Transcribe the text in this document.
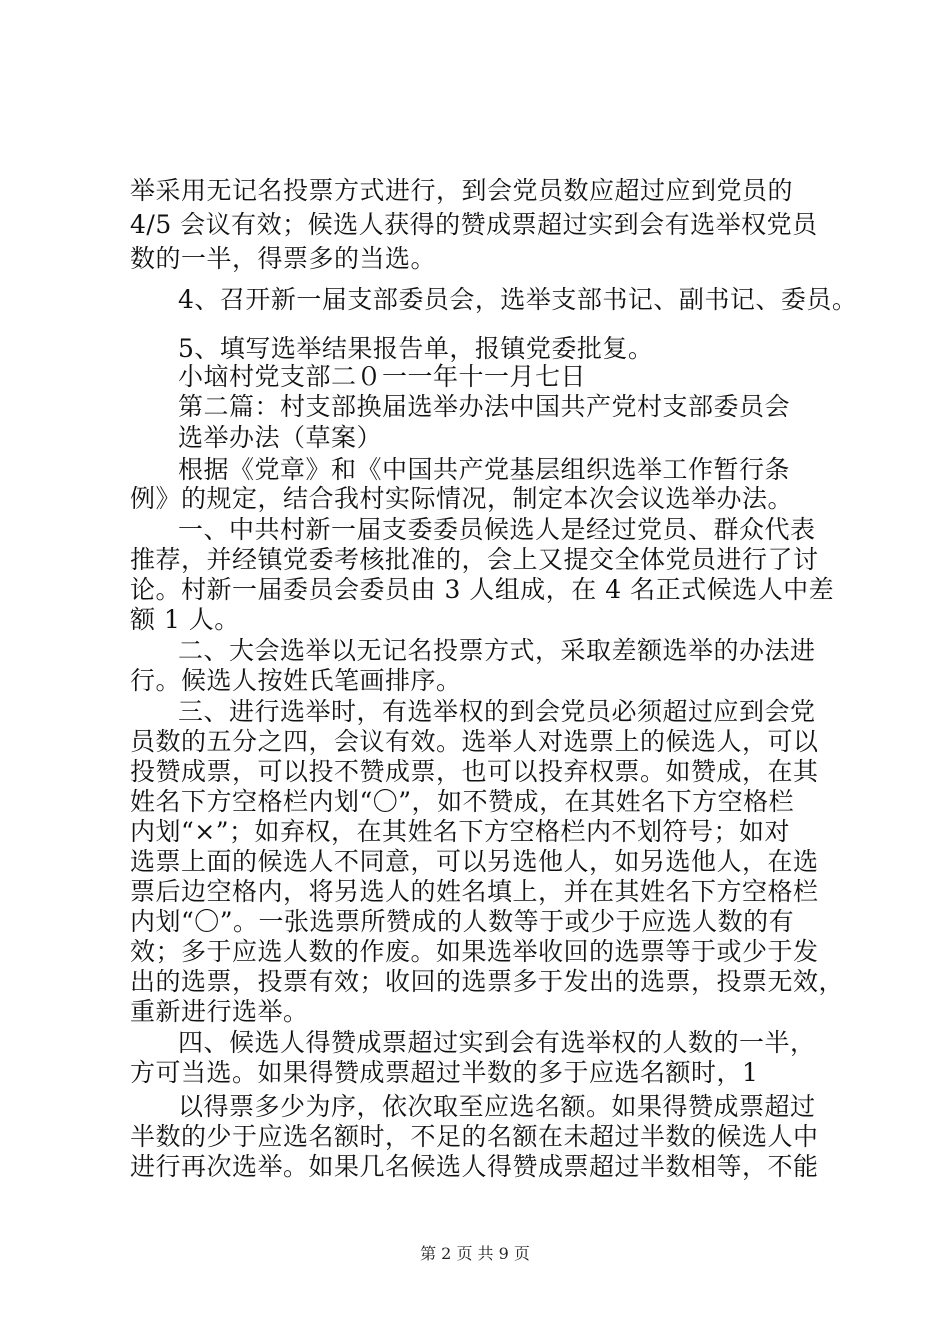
举采用无记名投票方式进行，到会党员数应超过应到党员的
4/5 会议有效；候选人获得的赞成票超过实到会有选举权党员
数的一半，得票多的当选。
4、召开新一届支部委员会，选举支部书记、副书记、委员。
5、填写选举结果报告单，报镇党委批复。
小垴村党支部二０一一年十一月七日
第二篇：村支部换届选举办法中国共产党村支部委员会
选举办法（草案）
根据《党章》和《中国共产党基层组织选举工作暂行条
例》的规定，结合我村实际情况，制定本次会议选举办法。
一、中共村新一届支委委员候选人是经过党员、群众代表
推荐，并经镇党委考核批准的，会上又提交全体党员进行了讨
论。村新一届委员会委员由 3 人组成，在 4 名正式候选人中差
额 1 人。
二、大会选举以无记名投票方式，采取差额选举的办法进
行。候选人按姓氏笔画排序。
三、进行选举时，有选举权的到会党员必须超过应到会党
员数的五分之四，会议有效。选举人对选票上的候选人，可以
投赞成票，可以投不赞成票，也可以投弃权票。如赞成，在其
姓名下方空格栏内划“〇”，如不赞成，在其姓名下方空格栏
内划“×”；如弃权，在其姓名下方空格栏内不划符号；如对
选票上面的候选人不同意，可以另选他人，如另选他人，在选
票后边空格内，将另选人的姓名填上，并在其姓名下方空格栏
内划“〇”。一张选票所赞成的人数等于或少于应选人数的有
效；多于应选人数的作废。如果选举收回的选票等于或少于发
出的选票，投票有效；收回的选票多于发出的选票，投票无效，
重新进行选举。
四、候选人得赞成票超过实到会有选举权的人数的一半，
方可当选。如果得赞成票超过半数的多于应选名额时，1
以得票多少为序，依次取至应选名额。如果得赞成票超过
半数的少于应选名额时，不足的名额在未超过半数的候选人中
进行再次选举。如果几名候选人得赞成票超过半数相等，不能
第 2 页 共 9 页
